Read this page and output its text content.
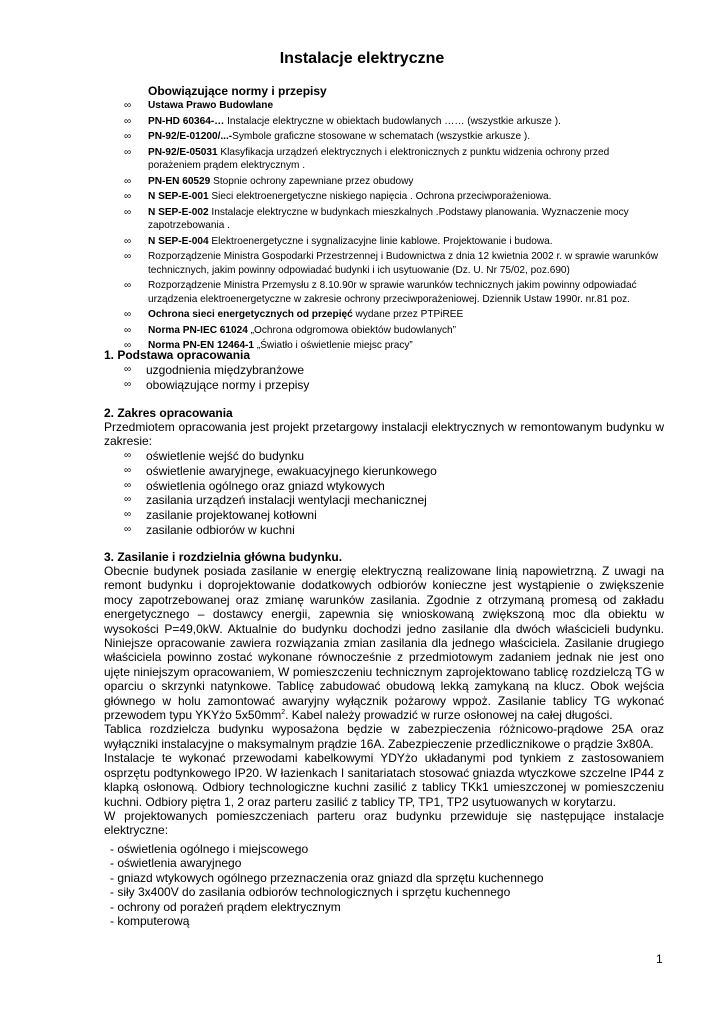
Instalacje elektryczne
Obowiązujące normy i przepisy
∞ Ustawa Prawo Budowlane
∞ PN-HD 60364-… Instalacje elektryczne w obiektach budowlanych …… (wszystkie arkusze ).
∞ PN-92/E-01200/...-Symbole graficzne stosowane w schematach (wszystkie arkusze ).
∞ PN-92/E-05031 Klasyfikacja urządzeń elektrycznych i elektronicznych z punktu widzenia ochrony przed porażeniem prądem elektrycznym .
∞ PN-EN 60529 Stopnie ochrony zapewniane przez obudowy
∞ N SEP-E-001 Sieci elektroenergetyczne niskiego napięcia . Ochrona przeciwporażeniowa.
∞ N SEP-E-002 Instalacje elektryczne w budynkach mieszkalnych .Podstawy planowania. Wyznaczenie mocy zapotrzebowania .
∞ N SEP-E-004 Elektroenergetyczne i sygnalizacyjne linie kablowe. Projektowanie i budowa.
∞ Rozporządzenie Ministra Gospodarki Przestrzennej i Budownictwa z dnia 12 kwietnia 2002 r. w sprawie warunków technicznych, jakim powinny odpowiadać budynki i ich usytuowanie (Dz. U. Nr 75/02, poz.690)
∞ Rozporządzenie Ministra Przemysłu z 8.10.90r w sprawie warunków technicznych jakim powinny odpowiadać urządzenia elektroenergetyczne w zakresie ochrony przeciwporażeniowej. Dziennik Ustaw 1990r. nr.81 poz.
∞ Ochrona sieci energetycznych od przepięć wydane przez PTPiREE
∞ Norma PN-IEC 61024 „Ochrona odgromowa obiektów budowlanych”
∞ Norma PN-EN 12464-1 „Światło i oświetlenie miejsc pracy”
1. Podstawa opracowania
∞ uzgodnienia międzybranżowe
∞ obowiązujące normy i przepisy
2. Zakres opracowania
Przedmiotem opracowania jest projekt przetargowy instalacji elektrycznych w remontowanym budynku w zakresie:
∞ oświetlenie wejść do budynku
∞ oświetlenie awaryjnege, ewakuacyjnego kierunkowego
∞ oświetlenia ogólnego oraz gniazd wtykowych
∞ zasilania urządzeń instalacji wentylacji mechanicznej
∞ zasilanie projektowanej kotłowni
∞ zasilanie odbiorów w kuchni
3. Zasilanie i rozdzielnia główna budynku.

Obecnie budynek posiada zasilanie w energię elektryczną realizowane linią napowietrzną. Z uwagi na remont budynku i doprojektowanie dodatkowych odbiorów konieczne jest wystąpienie o zwiększenie mocy zapotrzebowanej oraz zmianę warunków zasilania. Zgodnie z otrzymaną promesą od zakładu energetycznego – dostawcy energii, zapewnia się wnioskowaną zwiększoną moc dla obiektu w wysokości P=49,0kW. Aktualnie do budynku dochodzi jedno zasilanie dla dwóch właścicieli budynku. Niniejsze opracowanie zawiera rozwiązania zmian zasilania dla jednego właściciela. Zasilanie drugiego właściciela powinno zostać wykonane równocześnie z przedmiotowym zadaniem jednak nie jest ono ujęte niniejszym opracowaniem, W pomieszczeniu technicznym zaprojektowano tablicę rozdzielczą TG w oparciu o skrzynki natynkowe. Tablicę zabudować obudową lekką zamykaną na klucz. Obok wejścia głównego w holu zamontować awaryjny wyłącznik pożarowy wppoż. Zasilanie tablicy TG wykonać przewodem typu YKYżo $5x50mm^2$. Kabel należy prowadzić w rurze osłonowej na całej długości.

Tablica rozdzielcza budynku wyposażona będzie w zabezpieczenia różnicowo-prądowe 25A oraz wyłączniki instalacyjne o maksymalnym prądzie 16A. Zabezpieczenie przedlicznikowe o prądzie 3x80A.

Instalacje te wykonać przewodami kabelkowymi YDYżo układanymi pod tynkiem z zastosowaniem osprzętu podtynkowego IP20. W łazienkach I sanitariatach stosować gniazda wtyczkowe szczelne IP44 z klapką osłonową. Odbiory technologiczne kuchni zasilić z tablicy TKk1 umieszczonej w pomieszczeniu kuchni. Odbiory piętra 1, 2 oraz parteru zasilić z tablicy TP, TP1, TP2 usytuowanych w korytarzu.

W projektowanych pomieszczeniach parteru oraz budynku przewiduje się następujące instalacje elektryczne:

- oświetlenia ogólnego i miejscowego
- oświetlenia awaryjnego
- gniazd wtykowych ogólnego przeznaczenia oraz gniazd dla sprzętu kuchennego
- siły 3x400V do zasilania odbiorów technologicznych i sprzętu kuchennego
- ochrony od porażeń prądem elektrycznym
- komputerową
1
